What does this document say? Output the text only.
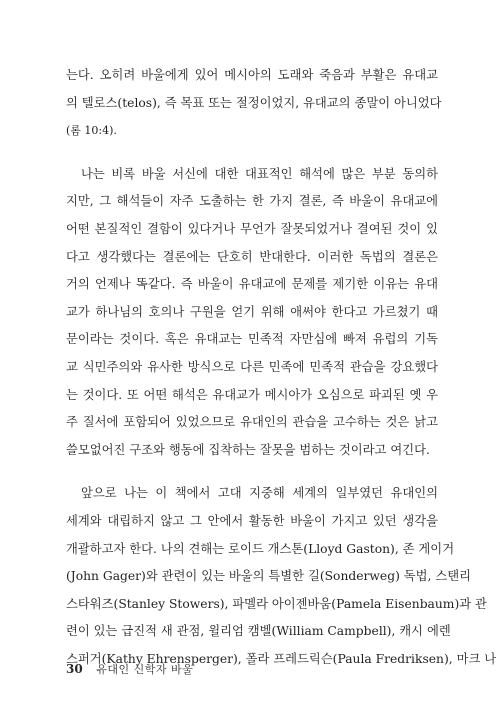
는다. 오히려 바울에게 있어 메시아의 도래와 죽음과 부활은 유대교
의 텔로스(telos), 즉 목표 또는 절정이었지, 유대교의 종말이 아니었다
(롬 10:4).
나는 비록 바울 서신에 대한 대표적인 해석에 많은 부분 동의하
지만, 그 해석들이 자주 도출하는 한 가지 결론, 즉 바울이 유대교에
어떤 본질적인 결함이 있다거나 무언가 잘못되었거나 결여된 것이 있
다고 생각했다는 결론에는 단호히 반대한다. 이러한 독법의 결론은
거의 언제나 똑같다. 즉 바울이 유대교에 문제를 제기한 이유는 유대
교가 하나님의 호의나 구원을 얻기 위해 애써야 한다고 가르쳤기 때
문이라는 것이다. 혹은 유대교는 민족적 자만심에 빠져 유럽의 기독
교 식민주의와 유사한 방식으로 다른 민족에 민족적 관습을 강요했다
는 것이다. 또 어떤 해석은 유대교가 메시아가 오심으로 파괴된 옛 우
주 질서에 포함되어 있었으므로 유대인의 관습을 고수하는 것은 낡고
쓸모없어진 구조와 행동에 집착하는 잘못을 범하는 것이라고 여긴다.
앞으로 나는 이 책에서 고대 지중해 세계의 일부였던 유대인의
세계와 대립하지 않고 그 안에서 활동한 바울이 가지고 있던 생각을
개괄하고자 한다. 나의 견해는 로이드 개스톤(Lloyd Gaston), 존 게이거
(John Gager)와 관련이 있는 바울의 특별한 길(Sonderweg) 독법, 스탠리
스타워즈(Stanley Stowers), 파멜라 아이젠바움(Pamela Eisenbaum)과 관
련이 있는 급진적 새 관점, 윌리엄 캠벨(William Campbell), 캐시 에렌
스퍼거(Kathy Ehrensperger), 폴라 프레드릭슨(Paula Fredriksen), 마크 나
30 유대인 신학자 바울
